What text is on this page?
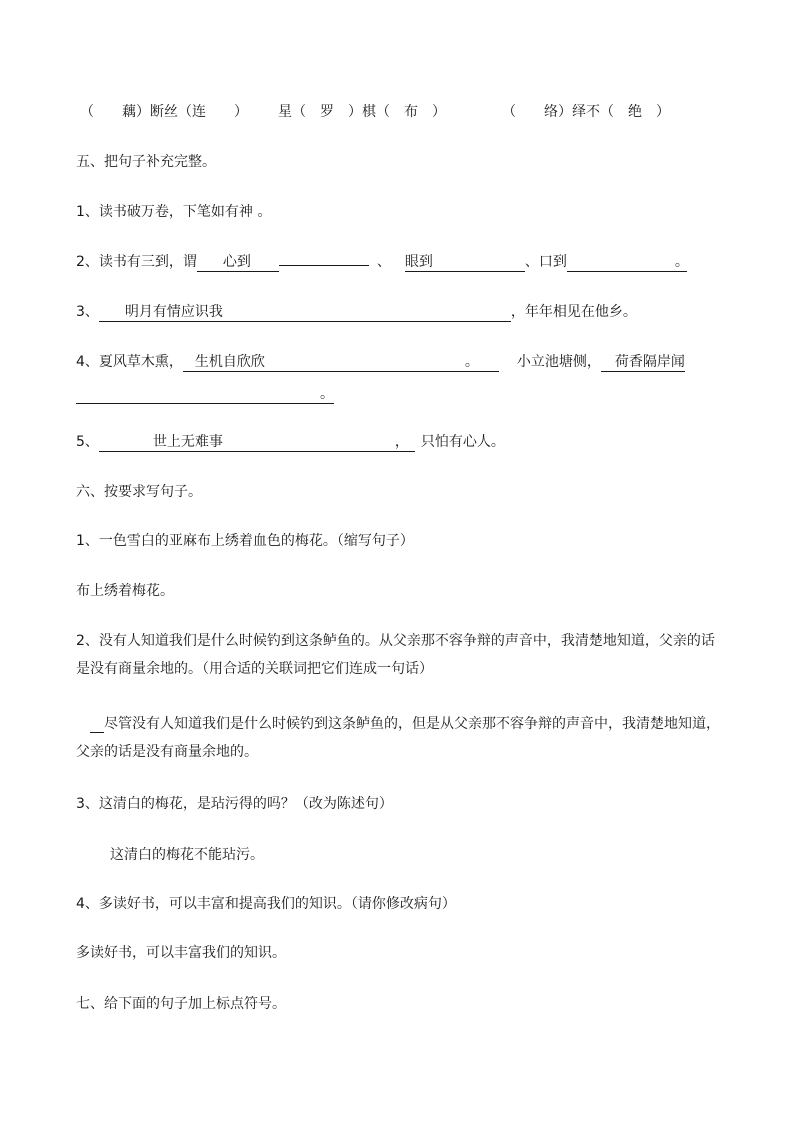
（　　藕）断丝（连　　） 星（　罗　）棋（　布　）	（　　络）绎不（　绝　）
五、把句子补充完整。
1、读书破万卷，下笔如有神 。
2、读书有三到，谓 心到	、 眼到	、口到	。
3、 明月有情应识我	，年年相见在他乡。
4、夏风草木熏， 生机自欣欣	。	小立池塘侧， 荷香隔岸闻
。
5、	世上无难事	， 只怕有心人。
六、按要求写句子。
1、一色雪白的亚麻布上绣着血色的梅花。（缩写句子）
布上绣着梅花。
2、没有人知道我们是什么时候钓到这条鲈鱼的。从父亲那不容争辩的声音中，我清楚地知道，父亲的话是没有商量余地的。（用合适的关联词把它们连成一句话）
 尽管没有人知道我们是什么时候钓到这条鲈鱼的，但是从父亲那不容争辩的声音中，我清楚地知道，父亲的话是没有商量余地的。
3、这清白的梅花，是玷污得的吗？（改为陈述句）
这清白的梅花不能玷污。
4、多读好书，可以丰富和提高我们的知识。（请你修改病句）
多读好书，可以丰富我们的知识。
七、给下面的句子加上标点符号。
